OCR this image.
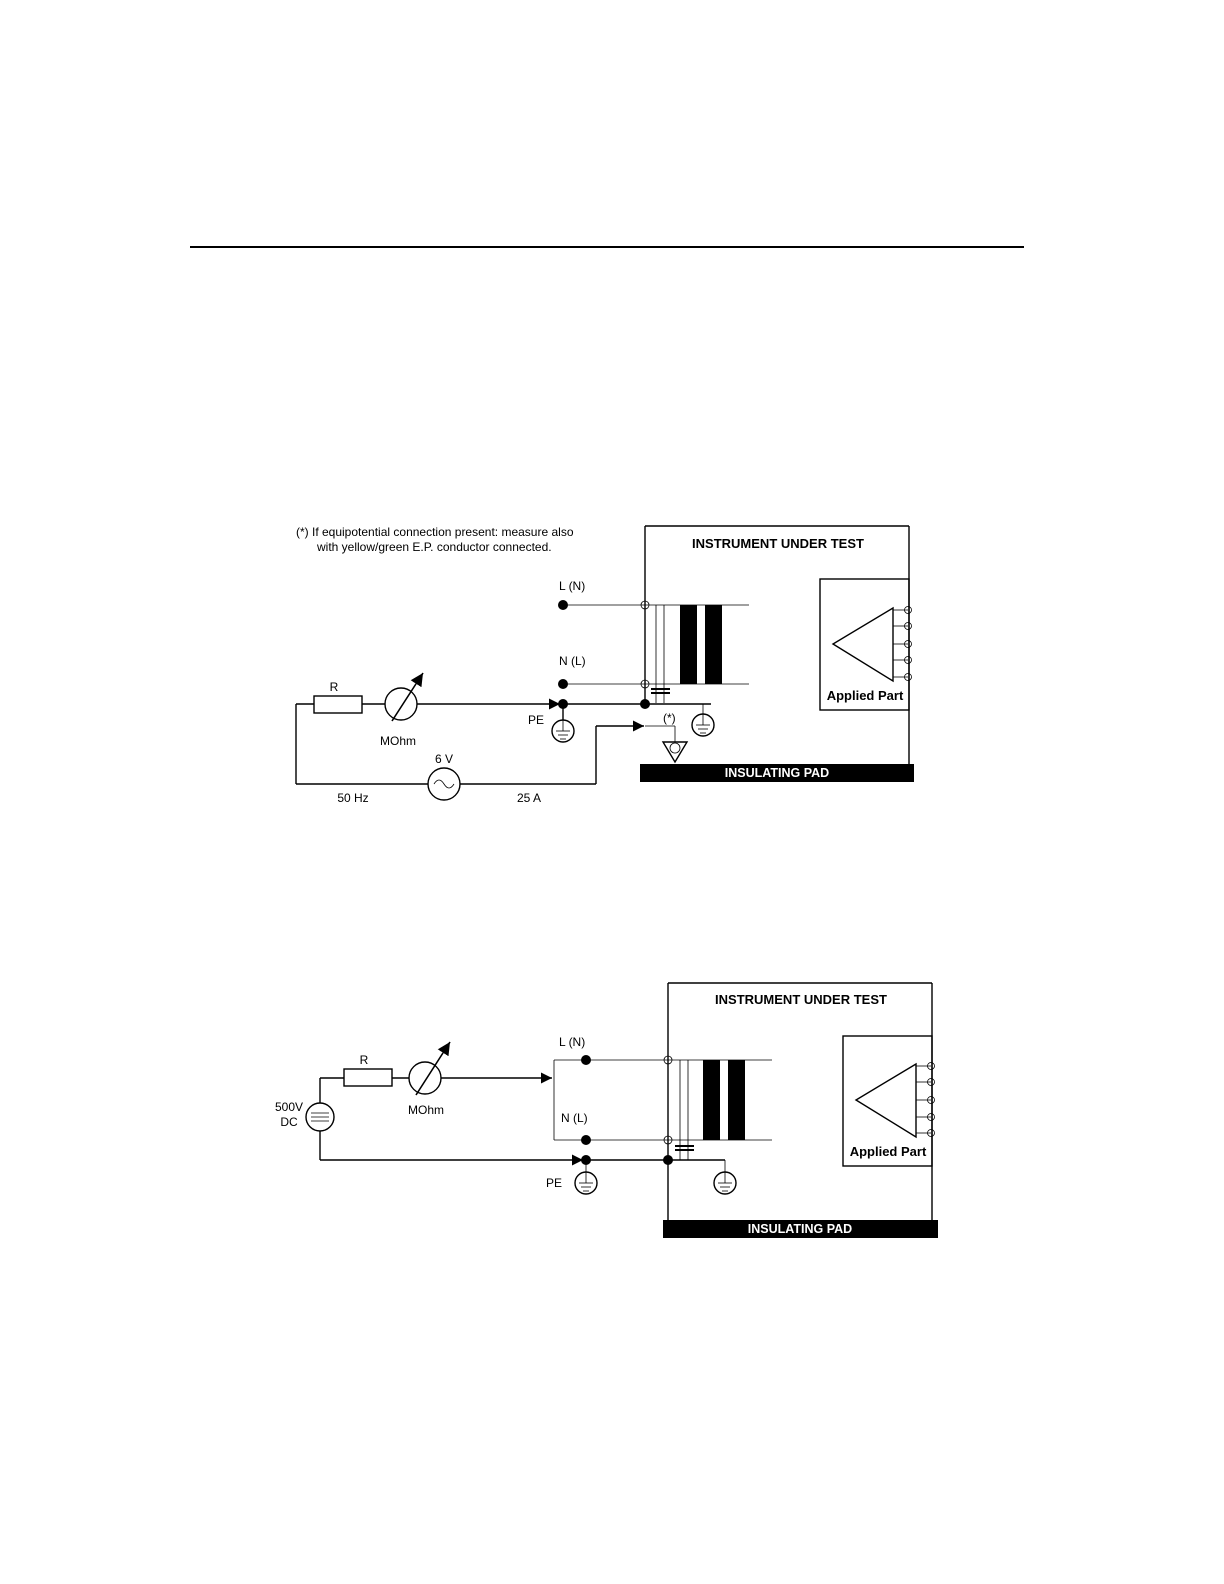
(*) If equipotential connection present: measure also
with yellow/green E.P. conductor connected.	INSTRUMENT UNDER TEST
Applied Part
L (N)
N (L)
R
MOhm
PE
6 V
50 Hz	25 A
(*)
INSULATING PAD
INSTRUMENT UNDER TEST
Applied Part
L (N)
N (L)
500V
DC
R
MOhm
PE
INSULATING PAD
